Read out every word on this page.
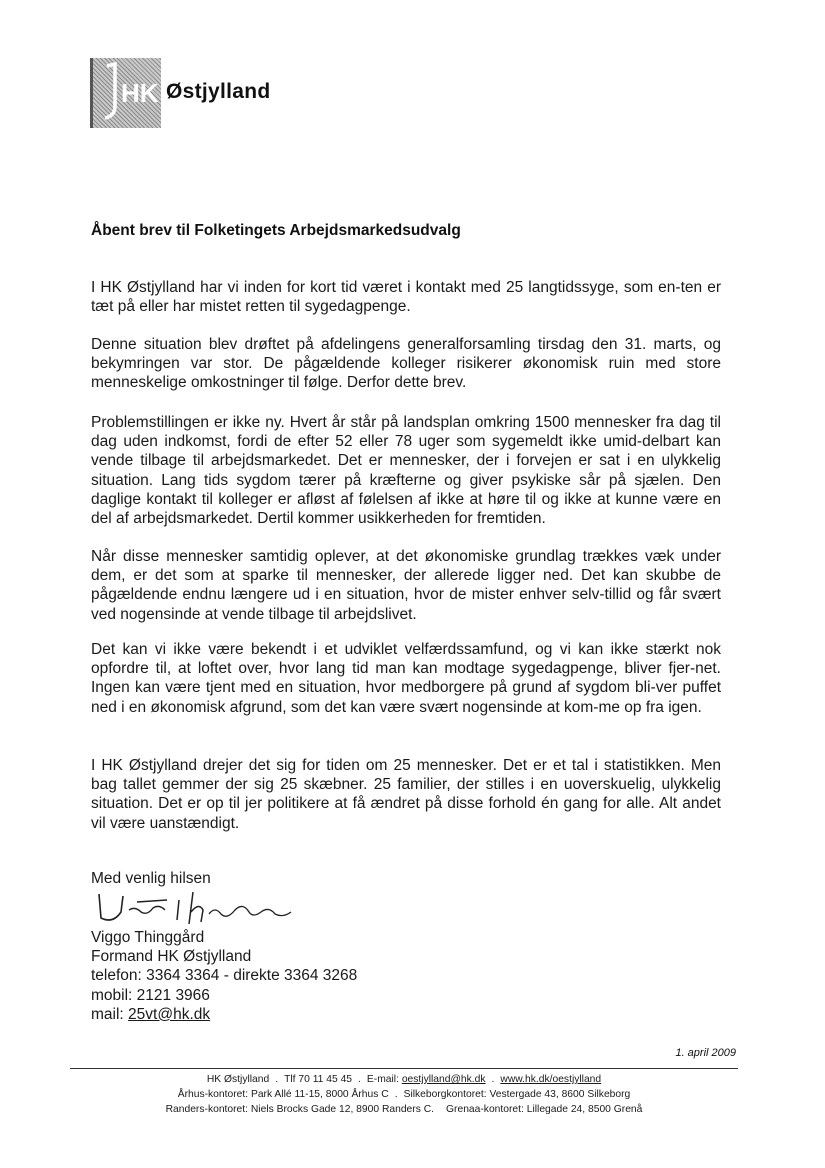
HK Østjylland
Åbent brev til Folketingets Arbejdsmarkedsudvalg

I HK Østjylland har vi inden for kort tid været i kontakt med 25 langtidssyge, som en-ten er tæt på eller har mistet retten til sygedagpenge.

Denne situation blev drøftet på afdelingens generalforsamling tirsdag den 31. marts, og bekymringen var stor. De pågældende kolleger risikerer økonomisk ruin med store menneskelige omkostninger til følge. Derfor dette brev.

Problemstillingen er ikke ny. Hvert år står på landsplan omkring 1500 mennesker fra dag til dag uden indkomst, fordi de efter 52 eller 78 uger som sygemeldt ikke umid-delbart kan vende tilbage til arbejdsmarkedet. Det er mennesker, der i forvejen er sat i en ulykkelig situation. Lang tids sygdom tærer på kræfterne og giver psykiske sår på sjælen. Den daglige kontakt til kolleger er afløst af følelsen af ikke at høre til og ikke at kunne være en del af arbejdsmarkedet. Dertil kommer usikkerheden for fremtiden.

Når disse mennesker samtidig oplever, at det økonomiske grundlag trækkes væk under dem, er det som at sparke til mennesker, der allerede ligger ned. Det kan skubbe de pågældende endnu længere ud i en situation, hvor de mister enhver selv-tillid og får svært ved nogensinde at vende tilbage til arbejdslivet.

Det kan vi ikke være bekendt i et udviklet velfærdssamfund, og vi kan ikke stærkt nok opfordre til, at loftet over, hvor lang tid man kan modtage sygedagpenge, bliver fjer-net. Ingen kan være tjent med en situation, hvor medborgere på grund af sygdom bli-ver puffet ned i en økonomisk afgrund, som det kan være svært nogensinde at kom-me op fra igen.

I HK Østjylland drejer det sig for tiden om 25 mennesker. Det er et tal i statistikken. Men bag tallet gemmer der sig 25 skæbner. 25 familier, der stilles i en uoverskuelig, ulykkelig situation. Det er op til jer politikere at få ændret på disse forhold én gang for alle. Alt andet vil være uanstændigt.

Med venlig hilsen
Viggo Thinggård
Formand HK Østjylland
telefon: 3364 3364 - direkte 3364 3268
mobil: 2121 3966
mail: 25vt@hk.dk
1. april 2009
HK Østjylland . Tlf 70 11 45 45 . E-mail: oestjylland@hk.dk . www.hk.dk/oestjylland
Århus-kontoret: Park Allé 11-15, 8000 Århus C . Silkeborgkontoret: Vestergade 43, 8600 Silkeborg
Randers-kontoret: Niels Brocks Gade 12, 8900 Randers C. Grenaa-kontoret: Lillegade 24, 8500 Grenå
